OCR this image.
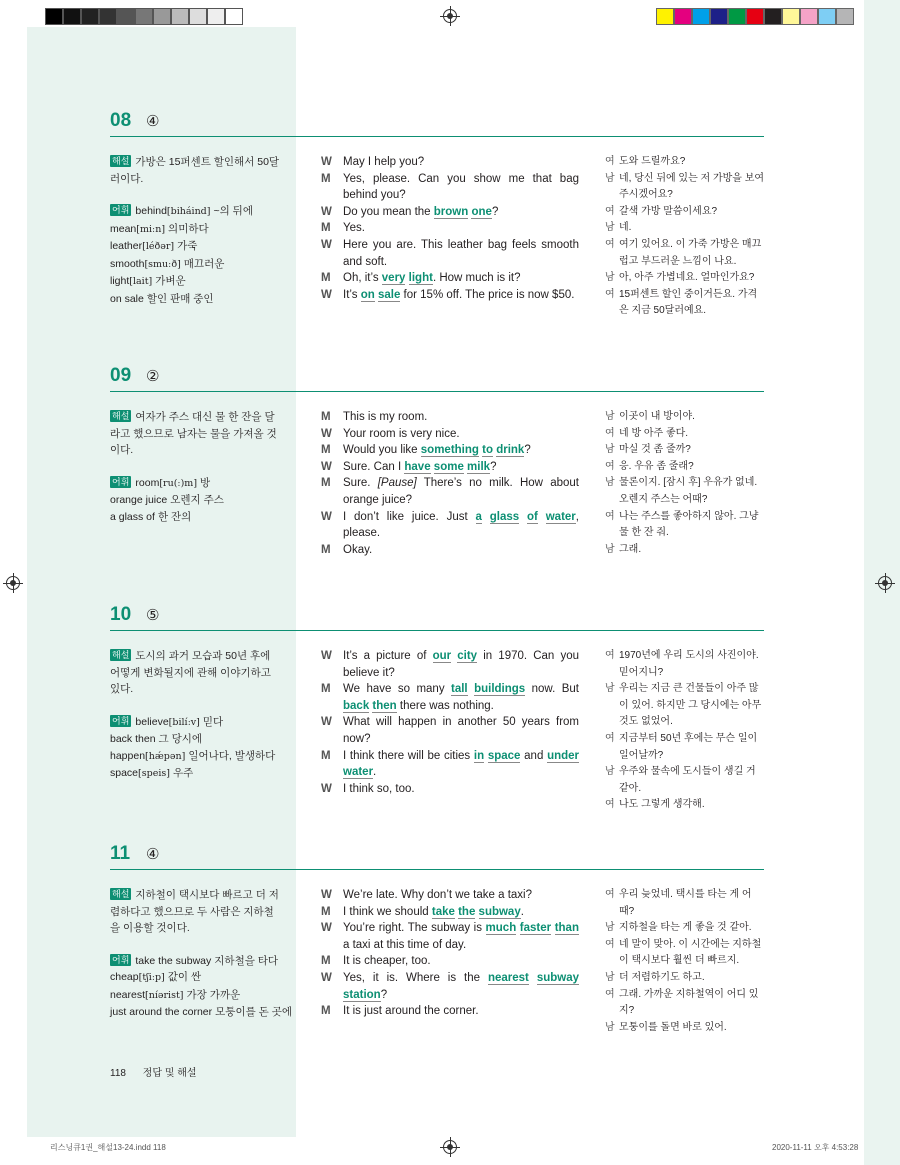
08 ④
해설 가방은 15퍼센트 할인해서 50달러이다.
어휘 behind[biháind] ~의 뒤에
mean[miːn] 의미하다
leather[léðər] 가죽
smooth[smuːð] 매끄러운
light[lait] 가벼운
on sale 할인 판매 중인
W May I help you?
M Yes, please. Can you show me that bag behind you?
W Do you mean the brown one?
M Yes.
W Here you are. This leather bag feels smooth and soft.
M Oh, it’s very light. How much is it?
W It’s on sale for 15% off. The price is now $50.
여 도와 드릴까요?
남 네, 당신 뒤에 있는 저 가방을 보여주시겠어요?
여 갈색 가방 말씀이세요?
남 네.
여 여기 있어요. 이 가죽 가방은 매끄럽고 부드러운 느낌이 나요.
남 아, 아주 가볍네요. 얼마인가요?
여 15퍼센트 할인 중이거든요. 가격은 지금 50달러예요.
09 ②
해설 여자가 주스 대신 물 한 잔을 달라고 했으므로 남자는 물을 가져올 것이다.
어휘 room[ru(ː)m] 방
orange juice 오렌지 주스
a glass of 한 잔의
M This is my room.
W Your room is very nice.
M Would you like something to drink?
W Sure. Can I have some milk?
M Sure. [Pause] There’s no milk. How about orange juice?
W I don’t like juice. Just a glass of water, please.
M Okay.
남 이곳이 내 방이야.
여 네 방 아주 좋다.
남 마실 것 좀 줄까?
여 응. 우유 좀 줄래?
남 물론이지. [잠시 후] 우유가 없네. 오렌지 주스는 어때?
여 나는 주스를 좋아하지 않아. 그냥 물 한 잔 줘.
남 그래.
10 ⑤
해설 도시의 과거 모습과 50년 후에 어떻게 변화될지에 관해 이야기하고 있다.
어휘 believe[bilíːv] 믿다
back then 그 당시에
happen[hǽpən] 일어나다, 발생하다
space[speis] 우주
W It’s a picture of our city in 1970. Can you believe it?
M We have so many tall buildings now. But back then there was nothing.
W What will happen in another 50 years from now?
M I think there will be cities in space and under water.
W I think so, too.
여 1970년에 우리 도시의 사진이야. 믿어지니?
남 우리는 지금 큰 건물들이 아주 많이 있어. 하지만 그 당시에는 아무것도 없었어.
여 지금부터 50년 후에는 무슨 일이 일어날까?
남 우주와 물속에 도시들이 생길 거 같아.
여 나도 그렇게 생각해.
11 ④
해설 지하철이 택시보다 빠르고 더 저렴하다고 했으므로 두 사람은 지하철을 이용할 것이다.
어휘 take the subway 지하철을 타다
cheap[tʃiːp] 값이 싼
nearest[níərist] 가장 가까운
just around the corner 모퉁이를 돈 곳에
W We’re late. Why don’t we take a taxi?
M I think we should take the subway.
W You’re right. The subway is much faster than a taxi at this time of day.
M It is cheaper, too.
W Yes, it is. Where is the nearest subway station?
M It is just around the corner.
여 우리 늦었네. 택시를 타는 게 어때?
남 지하철을 타는 게 좋을 것 같아.
여 네 말이 맞아. 이 시간에는 지하철이 택시보다 훨씬 더 빠르지.
남 더 저렴하기도 하고.
여 그래. 가까운 지하철역이 어디 있지?
남 모퉁이를 돌면 바로 있어.
118 정답 및 해설
리스닝큐1권_해설13-24.indd 118	2020-11-11 오후 4:53:28
